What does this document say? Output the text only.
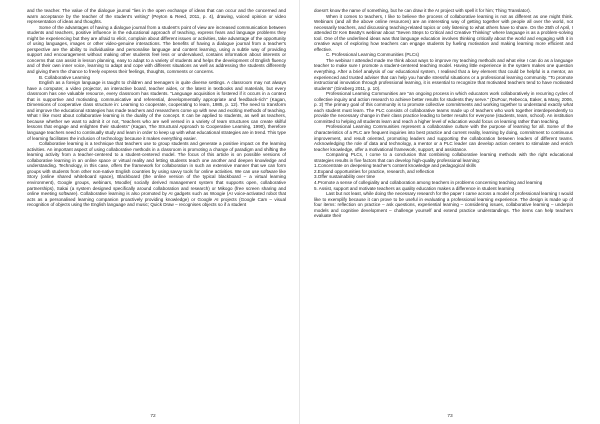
and the teacher. The value of the dialogue journal "lies in the open exchange of ideas that can occur and the concerned and warm acceptance by the teacher of the student's writing" (Peyton & Reed, 2011, p. 4), drawing, voiced opinion or video representation of ideas and thoughts.

Some of the advantages of having a dialogue journal from a student's point of view are increased communication between students and teachers, positive influence in the educational approach of teaching, express fears and language problems they might be experiencing but they are afraid to elicit, complain about different issues or activities, take advantage of the opportunity of using languages, images or other video-genuine interactions. The benefits of having a dialogue journal from a teacher's perspective are the ability to individualise and personalise language and content learning, using a subtle way of providing support and encouragement without making other students feel less or undervalued, contains information about interests or concerns that can assist in lesson planning, easy to adapt to a variety of students and helps the development of English fluency and of their own inner voice, learning to adapt and cope with different situations as well as addressing the students differently and giving them the chance to freely express their feelings, thoughts, comments or concerns.

B. Collaborative Learning

English as a foreign language is taught to children and teenagers in quite diverse settings. A classroom may not always have a computer, a video projector, an interactive board, teacher aides, or the latest in textbooks and materials, but every classroom has one valuable resource, every classroom has students. "Language acquisition is fostered if it occurs in a context that is supportive and motivating, communicative and referential, developmentally appropriate and feedback-rich" (Kagan, Dimensions of cooperative class structure in: Learning to cooperate, cooperating to learn, 1985, p. 12). The need to transform and improve the educational strategies has made teachers and researchers come up with new and exciting methods of teaching. What I like most about collaborative learning is the duality of the concept. It can be applied to students, as well as teachers, because whether we want to admit it or not, "teachers who are well versed in a variety of team structures can create skilful lessons that engage and enlighten their students" (Kagan, The Structural Approach to Cooperative Learning, 1990), therefore language teachers need to continually study and learn in order to keep up with what educational strategies are in trend. This type of learning facilitates the inclusion of technology because it makes everything easier.

Collaborative learning is a technique that teachers use to group students and generate a positive impact on the learning activities. An important aspect of using collaborative methods in a classroom is promoting a change of paradigm and shifting the learning activity from a teacher-centered to a student-centered model. The focus of this article is on possible versions of collaborative learning in an online space or virtual reality and letting students teach one another and deepen knowledge and understanding. Technology, in this case, offers the framework for collaboration in such an extensive manner that we can form groups with students from other non-native English countries by using savvy tools for online activities. We can use software like Story (online shared whiteboard space), Blackboard (the online version of the typical blackboard – a virtual learning environment), Google groups, webinars, Moodle( socially derived management system that supports open, collaborative partnerships), Sakai (a system designed specifically around collaboration and research) or Mikogo (free screen sharing and online meeting software). Collaborative learning is also promoted by AI gadgets such as Woogie (AI voice-activated robot that acts as a personalised learning companion proactively providing knowledge) or Google AI projects (Google Cam – visual recognition of objects using the English language and music; Quick Draw – recognises objects so if a student

72

doesn't know the name of something, but he can draw it the AI project with spell it for him; Thing Translator).

When it comes to teachers, I like to believe the process of collaborative learning is not as different as one might think. Webinars (and all the above online resources) are an interesting way of getting together with people all over the world, not necessarily teachers, and discussing teaching-related topics or only listening to what others have to share. On the 25th of April, I attended Dr Ken Beatty's webinar about "Seven Steps to Critical and Creative Thinking" where language is as a problem-solving tool. One of the underlined ideas was that language education involves thinking critically about the world and engaging with it in creative ways of exploring how teachers can engage students by fueling motivation and making learning more efficient and effective.

C. Professional Learning Communities (PLCs)

The webinar I attended made me think about ways to improve my teaching methods and what else I can do as a language teacher to make sure I promote a student-centered teaching model. Having little experience in the system makes one question everything. After a brief analysis of our educational system, I realised that a key element that could be helpful is a mentor, an experienced and trusted adviser that can help you handle stressful situations or a professional learning community. "To promote instructional innovation through professional learning, it is essential to recognize that motivated teachers tend to have motivated students" (Ginsberg 2011, p. 10).

Professional Learning Communities are "an ongoing process in which educators work collaboratively in recurring cycles of collective inquiry and action research to achieve better results for students they serve." (DuFour, Rebecca, Eaker, & Many, 2006, p. 2) The primary goal of this community is to promote collective commitments and working together to understand exactly what each student must learn. The PLC consists of collaborative teams made up of teachers who work together interdependently to provide the necessary change in their class practice leading to better results for everyone (students, team, school). An institution committed to helping all students learn and reach a higher level of education would focus on learning rather than teaching.

Professional Learning Communities represent a collaborative culture with the purpose of learning for all. Some of the characteristics of a PLC are frequent inquiries into best practice and current reality, learning by doing, commitment to continuous improvement, and result oriented, promoting leaders and supporting the collaboration between leaders of different teams. Acknowledging the role of data and technology, a mentor or a PLC leader can develop action centers to stimulate and enrich teacher knowledge, offer a motivational framework, support, and assistance.

Comparing PLCs, I come to a conclusion that combining collaborative learning methods with the right educational strategies results in five factors that can develop high-quality professional learning:

1.Concentrate on deepening teacher's content knowledge and pedagogical skills
2.Expand opportunities for practice, research, and reflection
3.Offer sustainability over time
4.Promote a sense of collegiality and collaboration among teachers in problems concerning teaching and learning
5. Assist, support and motivate teachers as quality education makes a difference in student learning

Last but not least, while doing the necessary research for the paper I came across a model of professional learning I would like to exemplify because it can prove to be useful in evaluating a professional learning experience. The design is made up of four items: reflection on practice – ask questions, experiential learning – considering issues, collaborative learning – underpin models and cognitive development – challenge yourself and extend practice understandings. The items can help teachers evaluate their

73
